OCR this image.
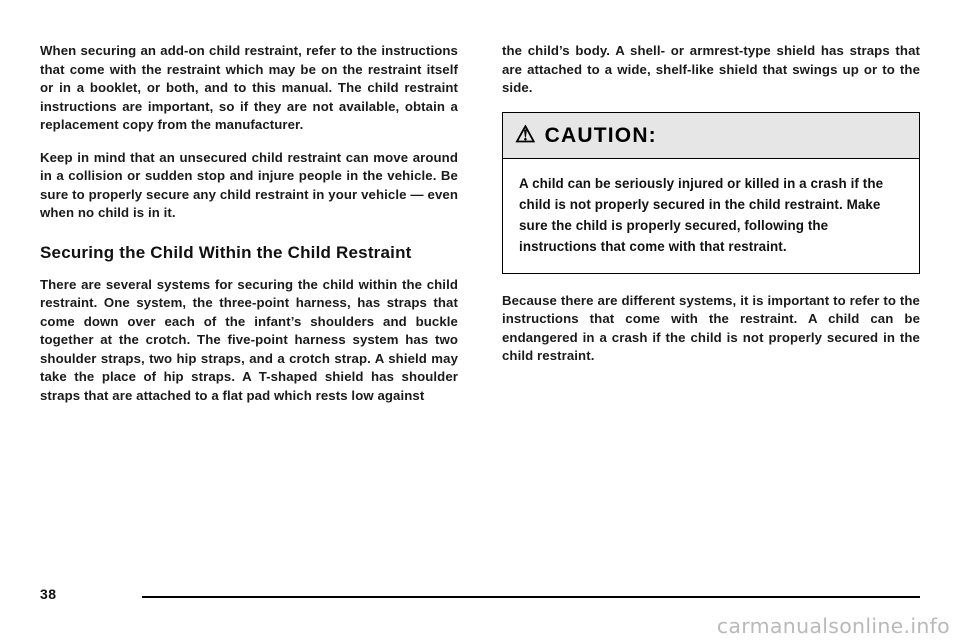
When securing an add-on child restraint, refer to the instructions that come with the restraint which may be on the restraint itself or in a booklet, or both, and to this manual. The child restraint instructions are important, so if they are not available, obtain a replacement copy from the manufacturer.

Keep in mind that an unsecured child restraint can move around in a collision or sudden stop and injure people in the vehicle. Be sure to properly secure any child restraint in your vehicle — even when no child is in it.

Securing the Child Within the Child Restraint

There are several systems for securing the child within the child restraint. One system, the three-point harness, has straps that come down over each of the infant’s shoulders and buckle together at the crotch. The five-point harness system has two shoulder straps, two hip straps, and a crotch strap. A shield may take the place of hip straps. A T-shaped shield has shoulder straps that are attached to a flat pad which rests low against

the child’s body. A shell- or armrest-type shield has straps that are attached to a wide, shelf-like shield that swings up or to the side.

⚠ CAUTION:

A child can be seriously injured or killed in a crash if the child is not properly secured in the child restraint. Make sure the child is properly secured, following the instructions that come with that restraint.

Because there are different systems, it is important to refer to the instructions that come with the restraint. A child can be endangered in a crash if the child is not properly secured in the child restraint.

38
carmanualsonline.info
